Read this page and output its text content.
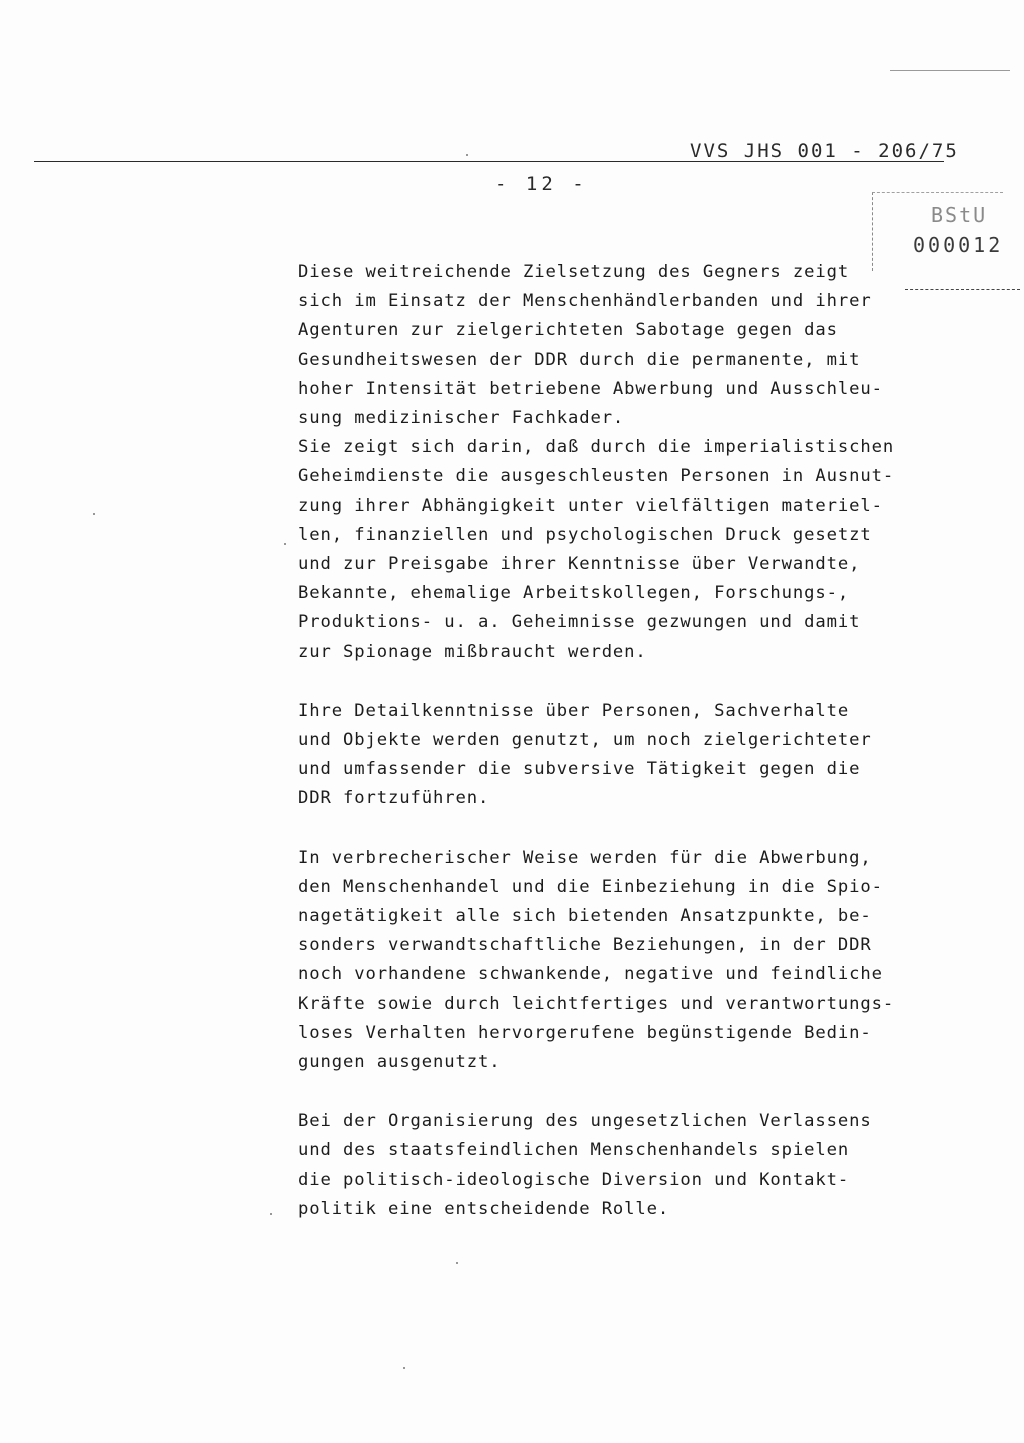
VVS JHS 001 - 206/75
- 12 -
BStU
000012

Diese weitreichende Zielsetzung des Gegners zeigt
sich im Einsatz der Menschenhändlerbanden und ihrer
Agenturen zur zielgerichteten Sabotage gegen das
Gesundheitswesen der DDR durch die permanente, mit
hoher Intensität betriebene Abwerbung und Ausschleu-
sung medizinischer Fachkader.

Sie zeigt sich darin, daß durch die imperialistischen
Geheimdienste die ausgeschleusten Personen in Ausnut-
zung ihrer Abhängigkeit unter vielfältigen materiel-
len, finanziellen und psychologischen Druck gesetzt
und zur Preisgabe ihrer Kenntnisse über Verwandte,
Bekannte, ehemalige Arbeitskollegen, Forschungs-,
Produktions- u. a. Geheimnisse gezwungen und damit
zur Spionage mißbraucht werden.

Ihre Detailkenntnisse über Personen, Sachverhalte
und Objekte werden genutzt, um noch zielgerichteter
und umfassender die subversive Tätigkeit gegen die
DDR fortzuführen.

In verbrecherischer Weise werden für die Abwerbung,
den Menschenhandel und die Einbeziehung in die Spio-
nagetätigkeit alle sich bietenden Ansatzpunkte, be-
sonders verwandtschaftliche Beziehungen, in der DDR
noch vorhandene schwankende, negative und feindliche
Kräfte sowie durch leichtfertiges und verantwortungs-
loses Verhalten hervorgerufene begünstigende Bedin-
gungen ausgenutzt.

Bei der Organisierung des ungesetzlichen Verlassens
und des staatsfeindlichen Menschenhandels spielen
die politisch-ideologische Diversion und Kontakt-
politik eine entscheidende Rolle.
